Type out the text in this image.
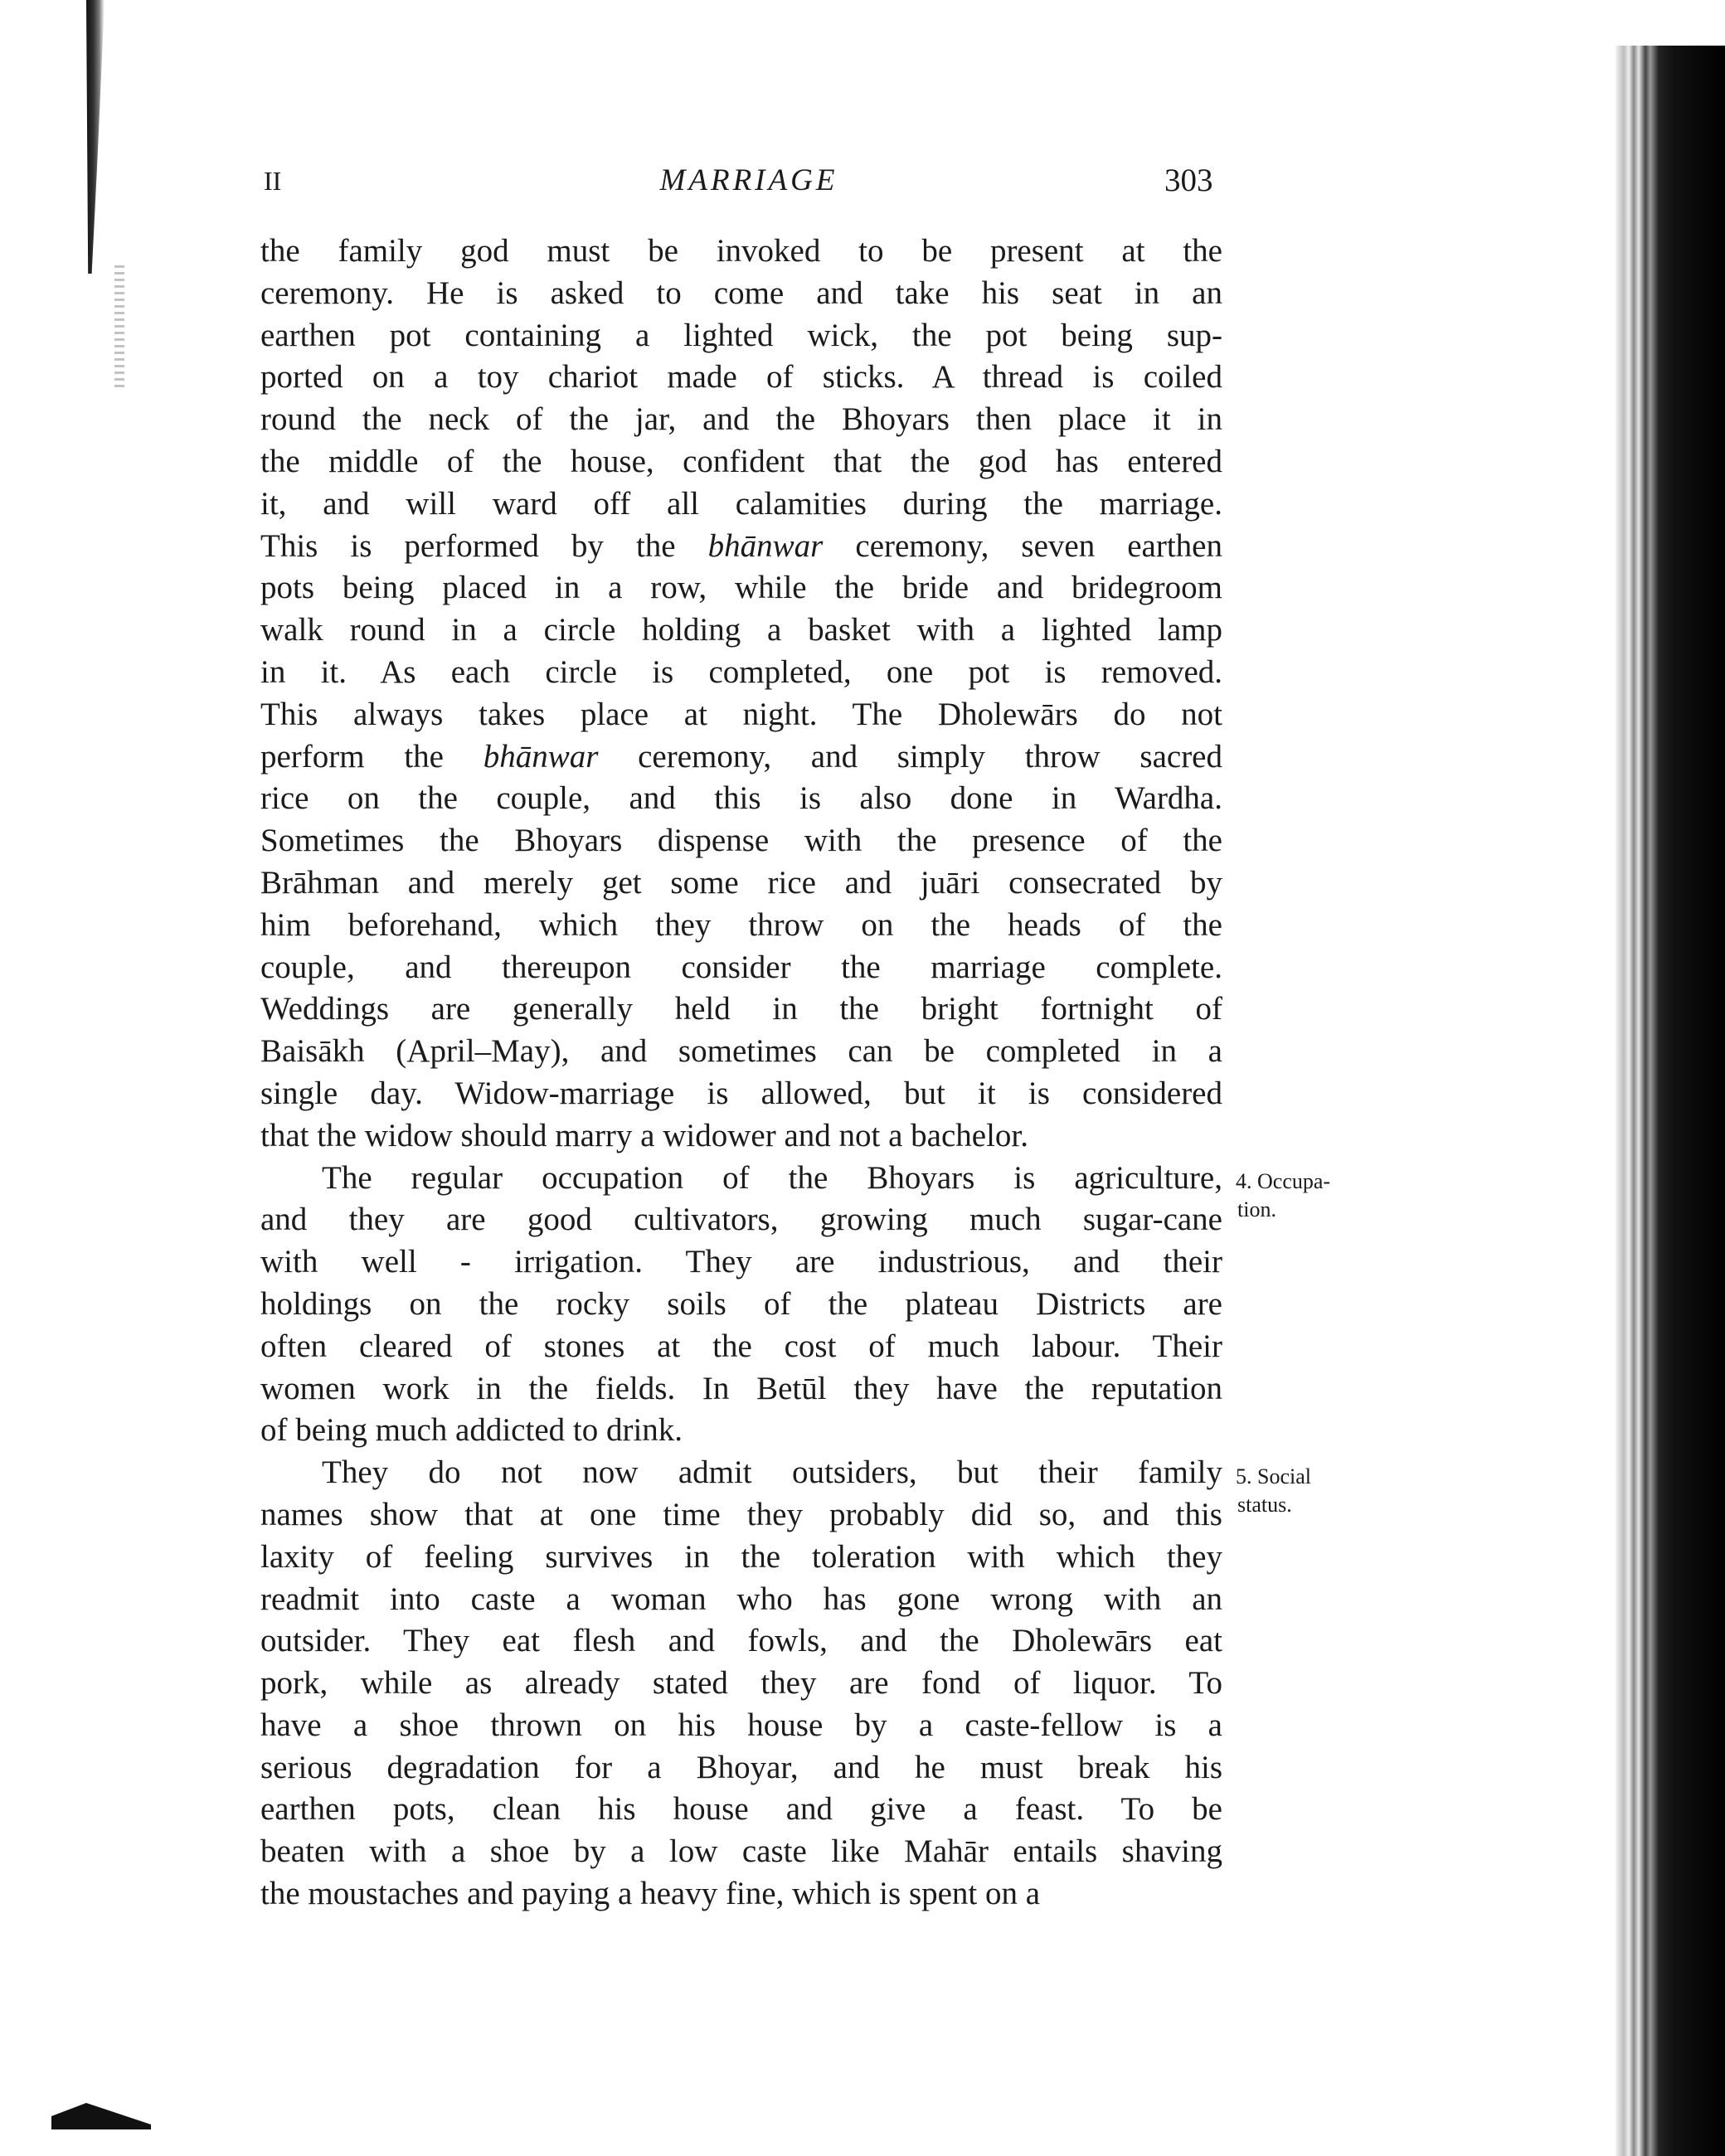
II	MARRIAGE	303
the family god must be invoked to be present at the
ceremony. He is asked to come and take his seat in an
earthen pot containing a lighted wick, the pot being sup-
ported on a toy chariot made of sticks. A thread is coiled
round the neck of the jar, and the Bhoyars then place it in
the middle of the house, confident that the god has entered
it, and will ward off all calamities during the marriage.
This is performed by the bhānwar ceremony, seven earthen
pots being placed in a row, while the bride and bridegroom
walk round in a circle holding a basket with a lighted lamp
in it. As each circle is completed, one pot is removed.
This always takes place at night. The Dholewārs do not
perform the bhānwar ceremony, and simply throw sacred
rice on the couple, and this is also done in Wardha.
Sometimes the Bhoyars dispense with the presence of the
Brāhman and merely get some rice and juāri consecrated by
him beforehand, which they throw on the heads of the
couple, and thereupon consider the marriage complete.
Weddings are generally held in the bright fortnight of
Baisākh (April–May), and sometimes can be completed in a
single day. Widow-marriage is allowed, but it is considered
that the widow should marry a widower and not a bachelor.
The regular occupation of the Bhoyars is agriculture,
and they are good cultivators, growing much sugar-cane
with well - irrigation. They are industrious, and their
holdings on the rocky soils of the plateau Districts are
often cleared of stones at the cost of much labour. Their
women work in the fields. In Betūl they have the reputation
of being much addicted to drink.
They do not now admit outsiders, but their family
names show that at one time they probably did so, and this
laxity of feeling survives in the toleration with which they
readmit into caste a woman who has gone wrong with an
outsider. They eat flesh and fowls, and the Dholewārs eat
pork, while as already stated they are fond of liquor. To
have a shoe thrown on his house by a caste-fellow is a
serious degradation for a Bhoyar, and he must break his
earthen pots, clean his house and give a feast. To be
beaten with a shoe by a low caste like Mahār entails shaving
the moustaches and paying a heavy fine, which is spent on a
4. Occupa-
tion.
5. Social
status.
